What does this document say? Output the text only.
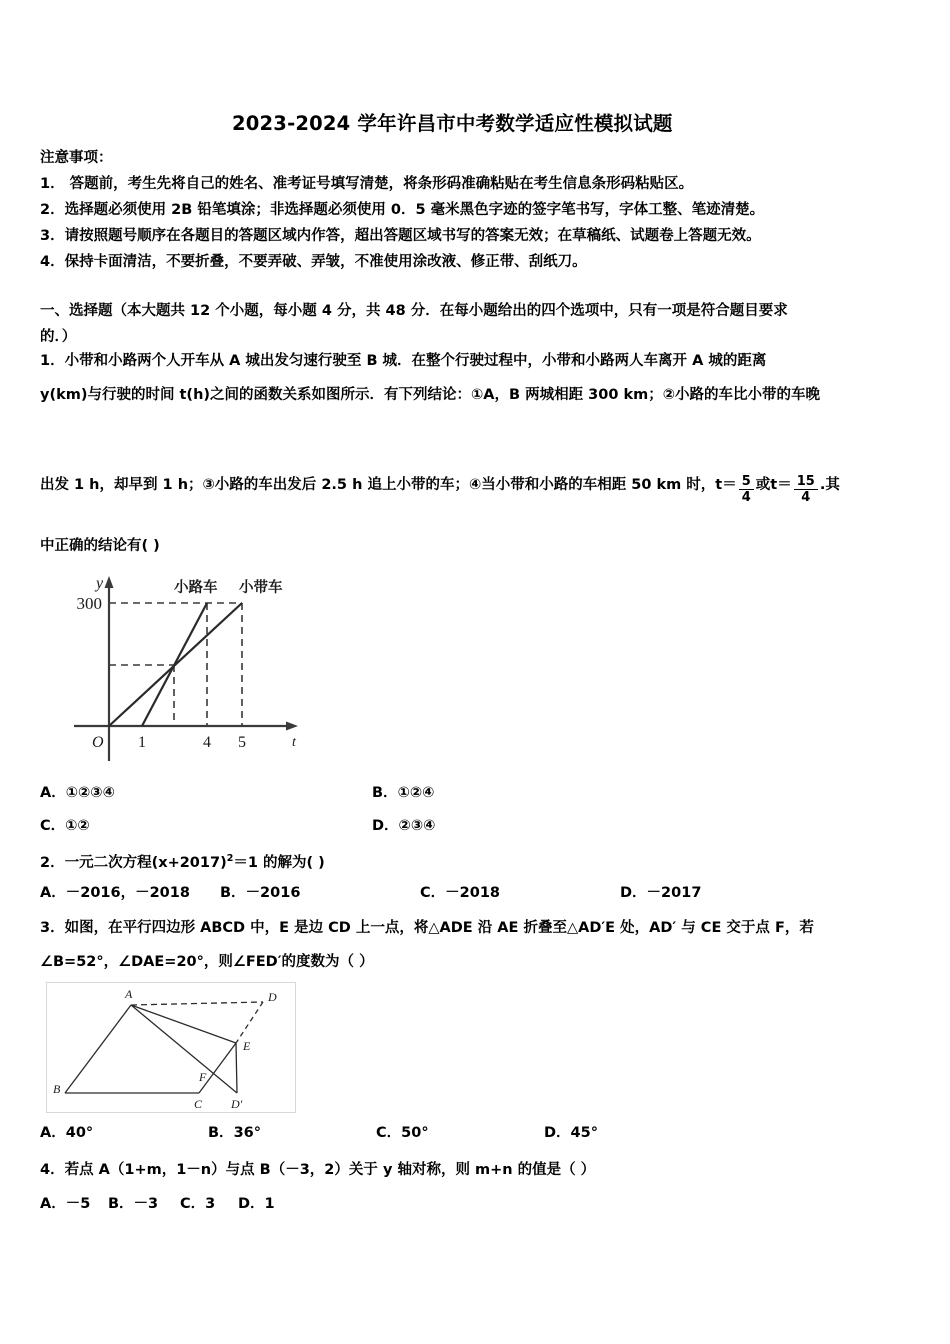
2023-2024 学年许昌市中考数学适应性模拟试题
注意事项：
1． 答题前，考生先将自己的姓名、准考证号填写清楚，将条形码准确粘贴在考生信息条形码粘贴区。
2．选择题必须使用 2B 铅笔填涂；非选择题必须使用 0．5 毫米黑色字迹的签字笔书写，字体工整、笔迹清楚。
3．请按照题号顺序在各题目的答题区域内作答，超出答题区域书写的答案无效；在草稿纸、试题卷上答题无效。
4．保持卡面清洁，不要折叠，不要弄破、弄皱，不准使用涂改液、修正带、刮纸刀。
一、选择题（本大题共 12 个小题，每小题 4 分，共 48 分．在每小题给出的四个选项中，只有一项是符合题目要求
的．）
1．小带和小路两个人开车从 A 城出发匀速行驶至 B 城．在整个行驶过程中，小带和小路两人车离开 A 城的距离
y(km)与行驶的时间 t(h)之间的函数关系如图所示．有下列结论：①A，B 两城相距 300 km；②小路的车比小带的车晚
出发 1 h，却早到 1 h；③小路的车出发后 2.5 h 追上小带的车；④当小带和小路的车相距 50 km 时， $t= \frac{5}{4}$ 或 $t= \frac{15}{4}$ .其
中正确的结论有( )
300
y
t
O 1	4 5
小路车 小带车
A．①②③④	B．①②④
C．①②	D．②③④
2．一元二次方程$(x+2017)^2=1$ 的解为( )
A．－2016，－2018 B．－2016	C．－2018	D．－2017
3．如图，在平行四边形 ABCD 中，E 是边 CD 上一点，将△ADE 沿 AE 折叠至△AD′E 处，AD′ 与 CE 交于点 F，若
∠B=52°，∠DAE=20°，则∠FED′的度数为（ ）
A	D
E
F
B
C D′
A．40°	B．36°	C．50°	D．45°
4．若点 A（1+m，1－n）与点 B（－3，2）关于 y 轴对称，则 m+n 的值是（ ）
A．－5 B．－3 C．3 D．1
